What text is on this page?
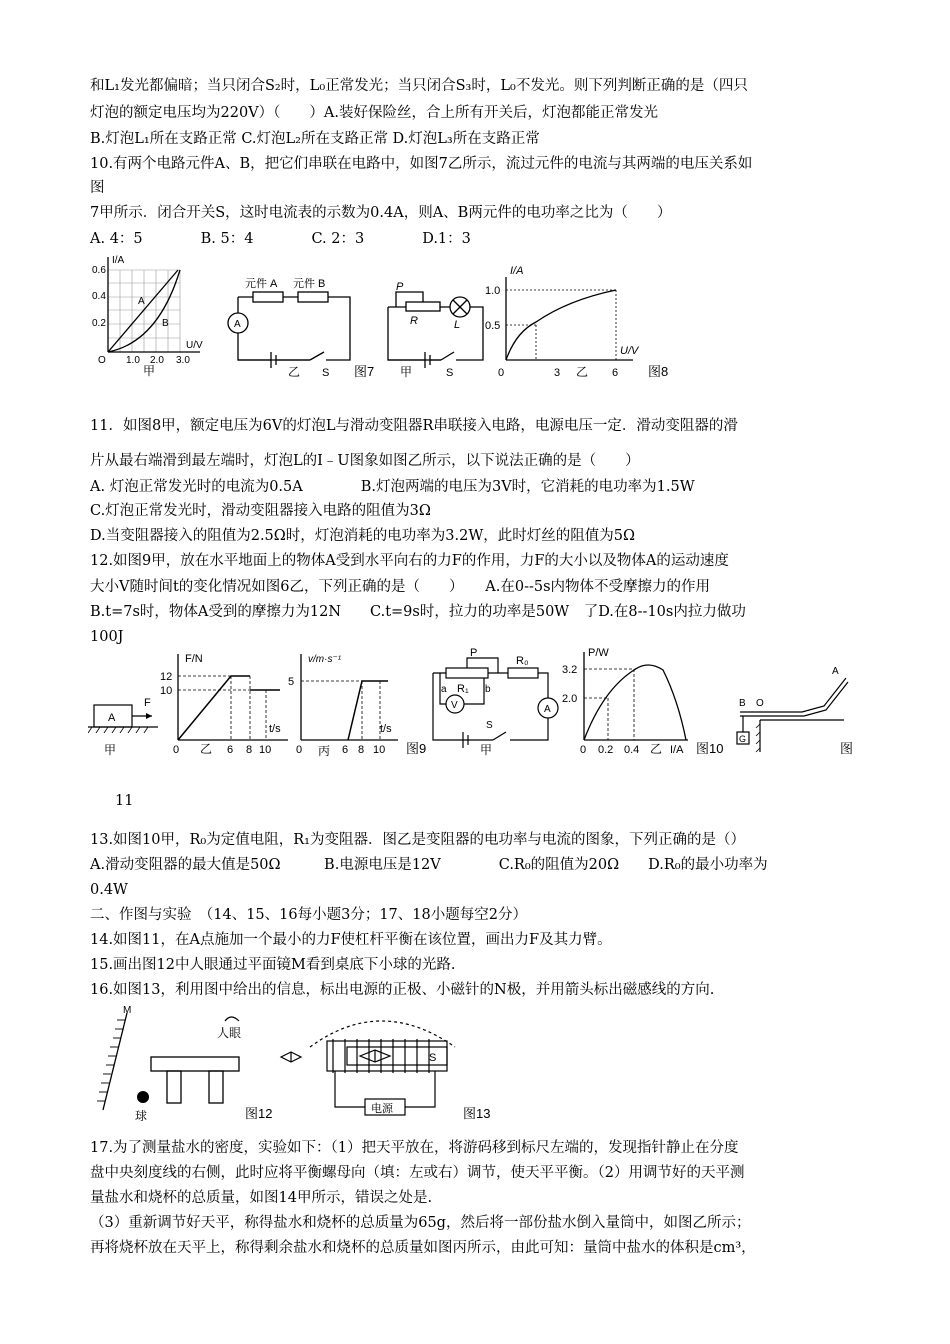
和L₁发光都偏暗；当只闭合S₂时，L₀正常发光；当只闭合S₃时，L₀不发光。则下列判断正确的是（四只
灯泡的额定电压均为220V）（　　）A.装好保险丝，合上所有开关后，灯泡都能正常发光
B.灯泡L₁所在支路正常 C.灯泡L₂所在支路正常 D.灯泡L₃所在支路正常
10.有两个电路元件A、B，把它们串联在电路中，如图7乙所示，流过元件的电流与其两端的电压关系如
图
7甲所示．闭合开关S，这时电流表的示数为0.4A，则A、B两元件的电功率之比为（　　）
A. 4：5　　　　B. 5：4　　　　C. 2：3　　　　D.1：3
11．如图8甲，额定电压为6V的灯泡L与滑动变阻器R串联接入电路，电源电压一定．滑动变阻器的滑
片从最右端滑到最左端时，灯泡L的I﹣U图象如图乙所示，以下说法正确的是（　　）
A. 灯泡正常发光时的电流为0.5A　　　　B.灯泡两端的电压为3V时，它消耗的电功率为1.5W
C.灯泡正常发光时，滑动变阻器接入电路的阻值为3Ω
D.当变阻器接入的阻值为2.5Ω时，灯泡消耗的电功率为3.2W，此时灯丝的阻值为5Ω
12.如图9甲，放在水平地面上的物体A受到水平向右的力F的作用，力F的大小以及物体A的运动速度
大小V随时间t的变化情况如图6乙，下列正确的是（　　）　　A.在0--5s内物体不受摩擦力的作用
B.t=7s时，物体A受到的摩擦力为12N　　C.t=9s时，拉力的功率是50W　了D.在8--10s内拉力做功
100J
11
13.如图10甲，R₀为定值电阻，R₁为变阻器．图乙是变阻器的电功率与电流的图象，下列正确的是（）
A.滑动变阻器的最大值是50Ω　　　B.电源电压是12V　　　　C.R₀的阻值为20Ω　　D.R₀的最小功率为
0.4W
二、作图与实验　（14、15、16每小题3分；17、18小题每空2分）
14.如图11，在A点施加一个最小的力F使杠杆平衡在该位置，画出力F及其力臂。
15.画出图12中人眼通过平面镜M看到桌底下小球的光路.
16.如图13，利用图中给出的信息，标出电源的正极、小磁针的N极，并用箭头标出磁感线的方向.
17.为了测量盐水的密度，实验如下：（1）把天平放在，将游码移到标尺左端的，发现指针静止在分度
盘中央刻度线的右侧，此时应将平衡螺母向（填：左或右）调节，使天平平衡。（2）用调节好的天平测
量盐水和烧杯的总质量，如图14甲所示，错误之处是.
（3）重新调节好天平，称得盐水和烧杯的总质量为65g，然后将一部份盐水倒入量筒中，如图乙所示；
再将烧杯放在天平上，称得剩余盐水和烧杯的总质量如图丙所示，由此可知：量筒中盐水的体积是cm³，
I/A
0.6
0.4
0.2
O 1.0 2.0 3.0
U/V
A
B
甲
元件 A 元件 B
A
乙 S 图7
P
R	L
甲	S
I/A
1.0
0.5
0	3	6
U/V
乙	图8
A
F
甲
F/N
12
10
0	6 8 10
t/s
乙
v/m·s⁻¹
5
0	6 8 10
t/s
丙	图9
P
R₀
R₁
a	b
V	A
S
甲
P/W
3.2
2.0
0 0.2 0.4 乙 I/A 图10
B O
A
G
图
M
人眼
球	图12
S
电源	图13
